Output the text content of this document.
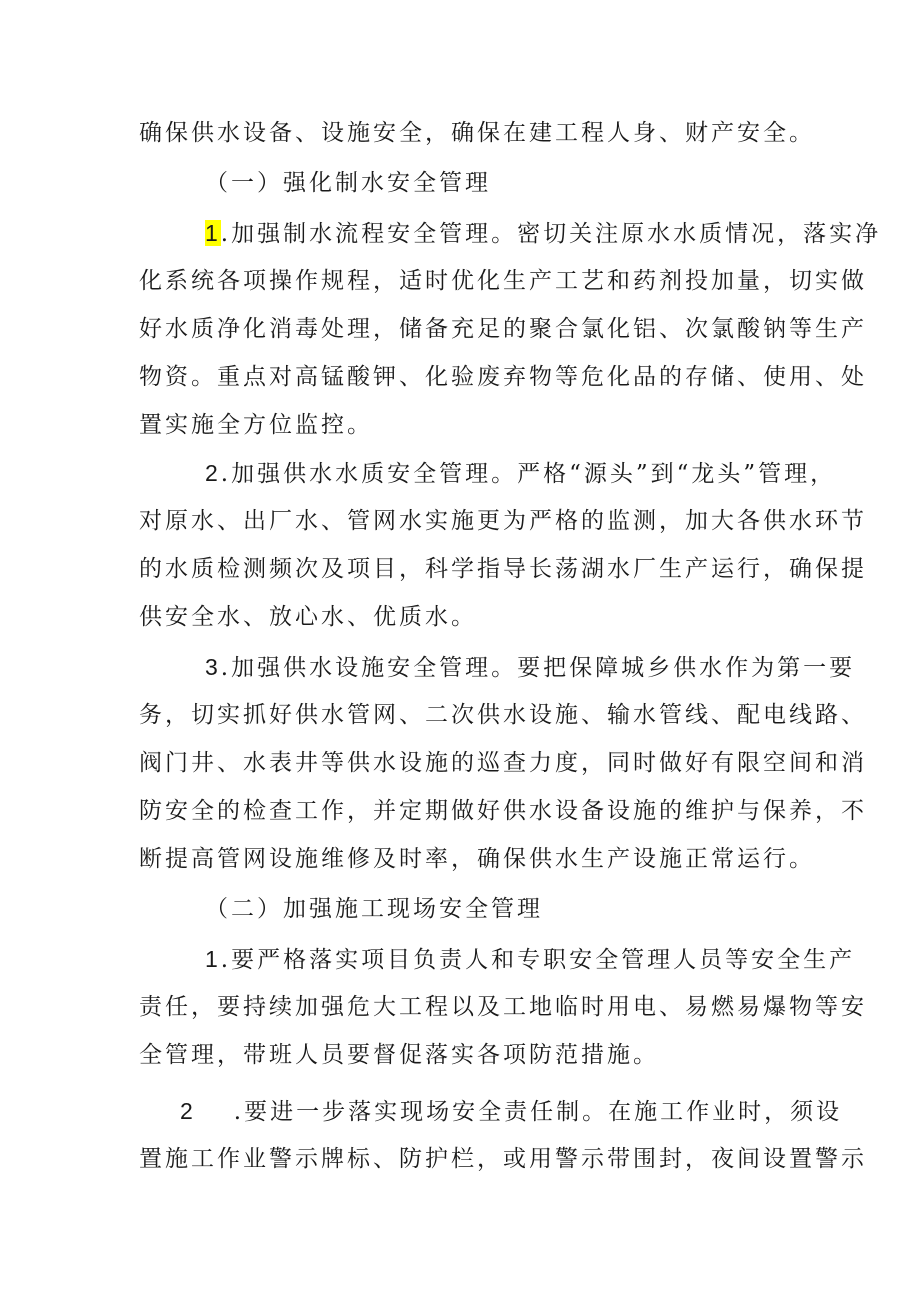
确保供水设备、设施安全，确保在建工程人身、财产安全。
（一）强化制水安全管理
1.加强制水流程安全管理。密切关注原水水质情况，落实净
化系统各项操作规程，适时优化生产工艺和药剂投加量，切实做
好水质净化消毒处理，储备充足的聚合氯化铝、次氯酸钠等生产
物资。重点对高锰酸钾、化验废弃物等危化品的存储、使用、处
置实施全方位监控。
2.加强供水水质安全管理。严格“源头”到“龙头”管理，
对原水、出厂水、管网水实施更为严格的监测，加大各供水环节
的水质检测频次及项目，科学指导长荡湖水厂生产运行，确保提
供安全水、放心水、优质水。
3.加强供水设施安全管理。要把保障城乡供水作为第一要
务，切实抓好供水管网、二次供水设施、输水管线、配电线路、
阀门井、水表井等供水设施的巡查力度，同时做好有限空间和消
防安全的检查工作，并定期做好供水设备设施的维护与保养，不
断提高管网设施维修及时率，确保供水生产设施正常运行。
（二）加强施工现场安全管理
1.要严格落实项目负责人和专职安全管理人员等安全生产
责任，要持续加强危大工程以及工地临时用电、易燃易爆物等安
全管理，带班人员要督促落实各项防范措施。
2 .要进一步落实现场安全责任制。在施工作业时，须设
置施工作业警示牌标、防护栏，或用警示带围封，夜间设置警示
